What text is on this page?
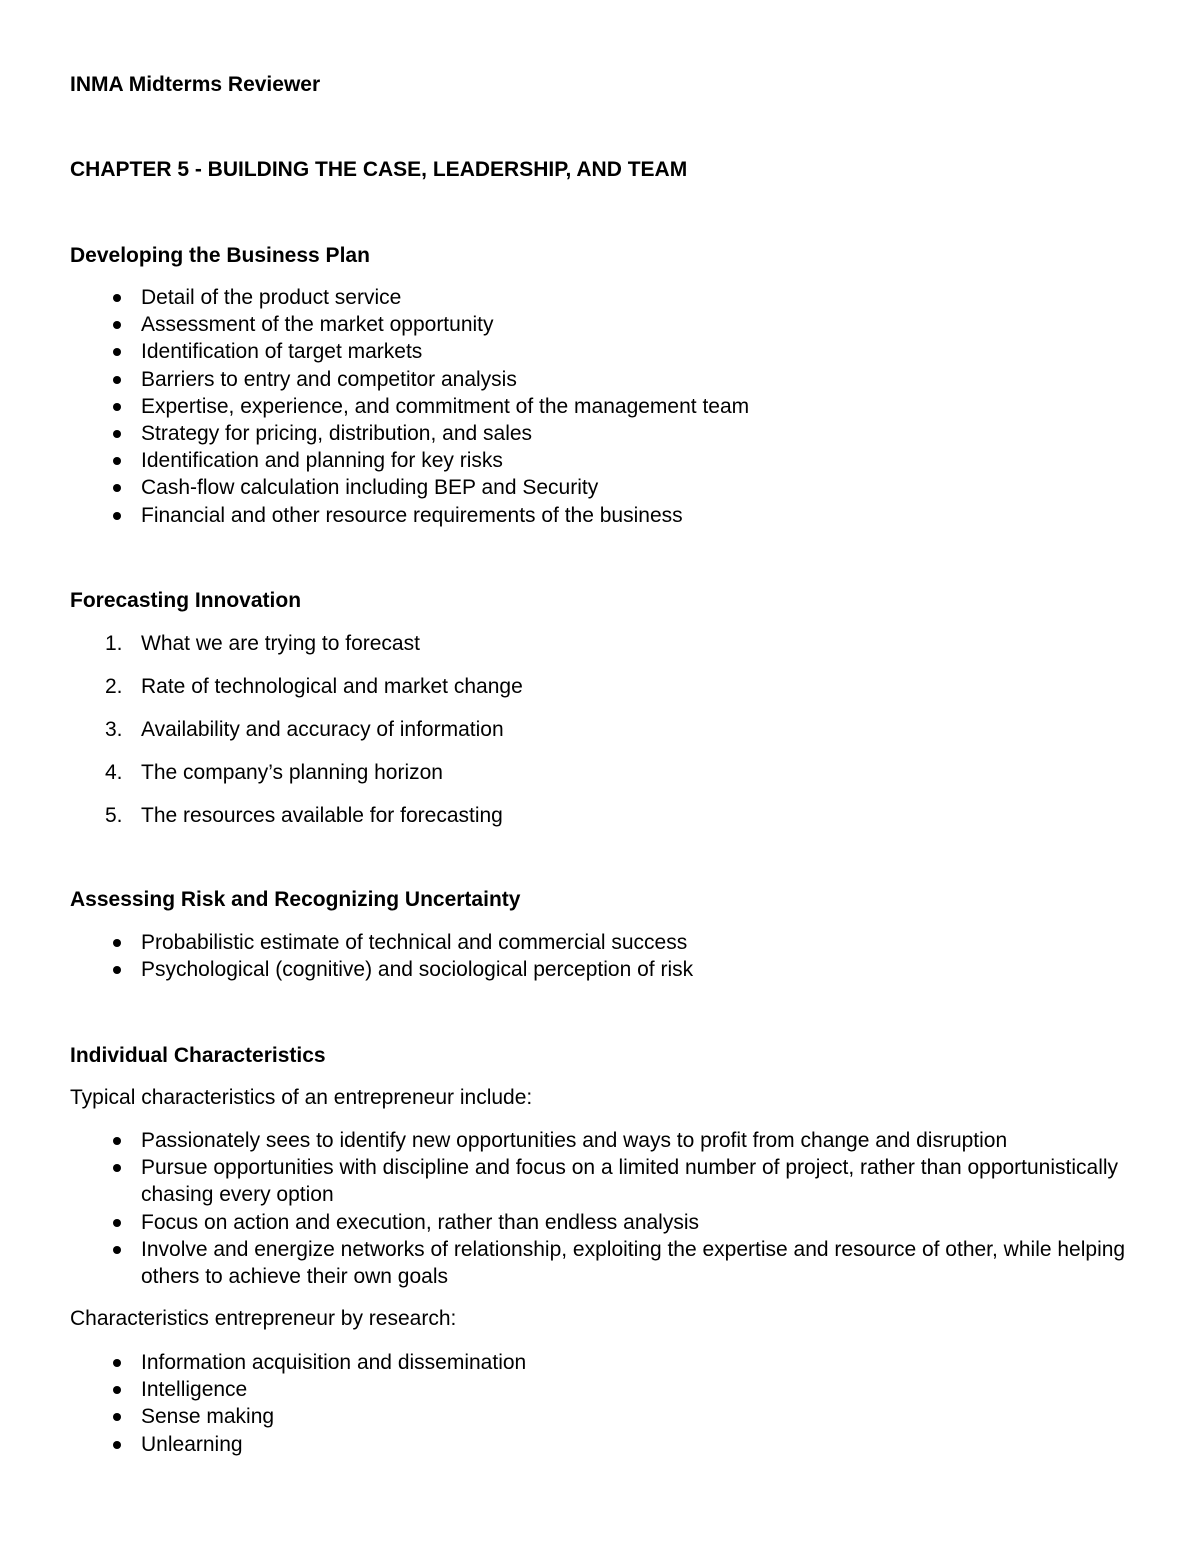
INMA Midterms Reviewer

CHAPTER 5 - BUILDING THE CASE, LEADERSHIP, AND TEAM

Developing the Business Plan

Detail of the product service
Assessment of the market opportunity
Identification of target markets
Barriers to entry and competitor analysis
Expertise, experience, and commitment of the management team
Strategy for pricing, distribution, and sales
Identification and planning for key risks
Cash-flow calculation including BEP and Security
Financial and other resource requirements of the business

Forecasting Innovation

1. What we are trying to forecast
2. Rate of technological and market change
3. Availability and accuracy of information
4. The company’s planning horizon
5. The resources available for forecasting

Assessing Risk and Recognizing Uncertainty

Probabilistic estimate of technical and commercial success
Psychological (cognitive) and sociological perception of risk

Individual Characteristics

Typical characteristics of an entrepreneur include:

Passionately sees to identify new opportunities and ways to profit from change and disruption
Pursue opportunities with discipline and focus on a limited number of project, rather than opportunistically chasing every option
Focus on action and execution, rather than endless analysis
Involve and energize networks of relationship, exploiting the expertise and resource of other, while helping others to achieve their own goals

Characteristics entrepreneur by research:

Information acquisition and dissemination
Intelligence
Sense making
Unlearning
